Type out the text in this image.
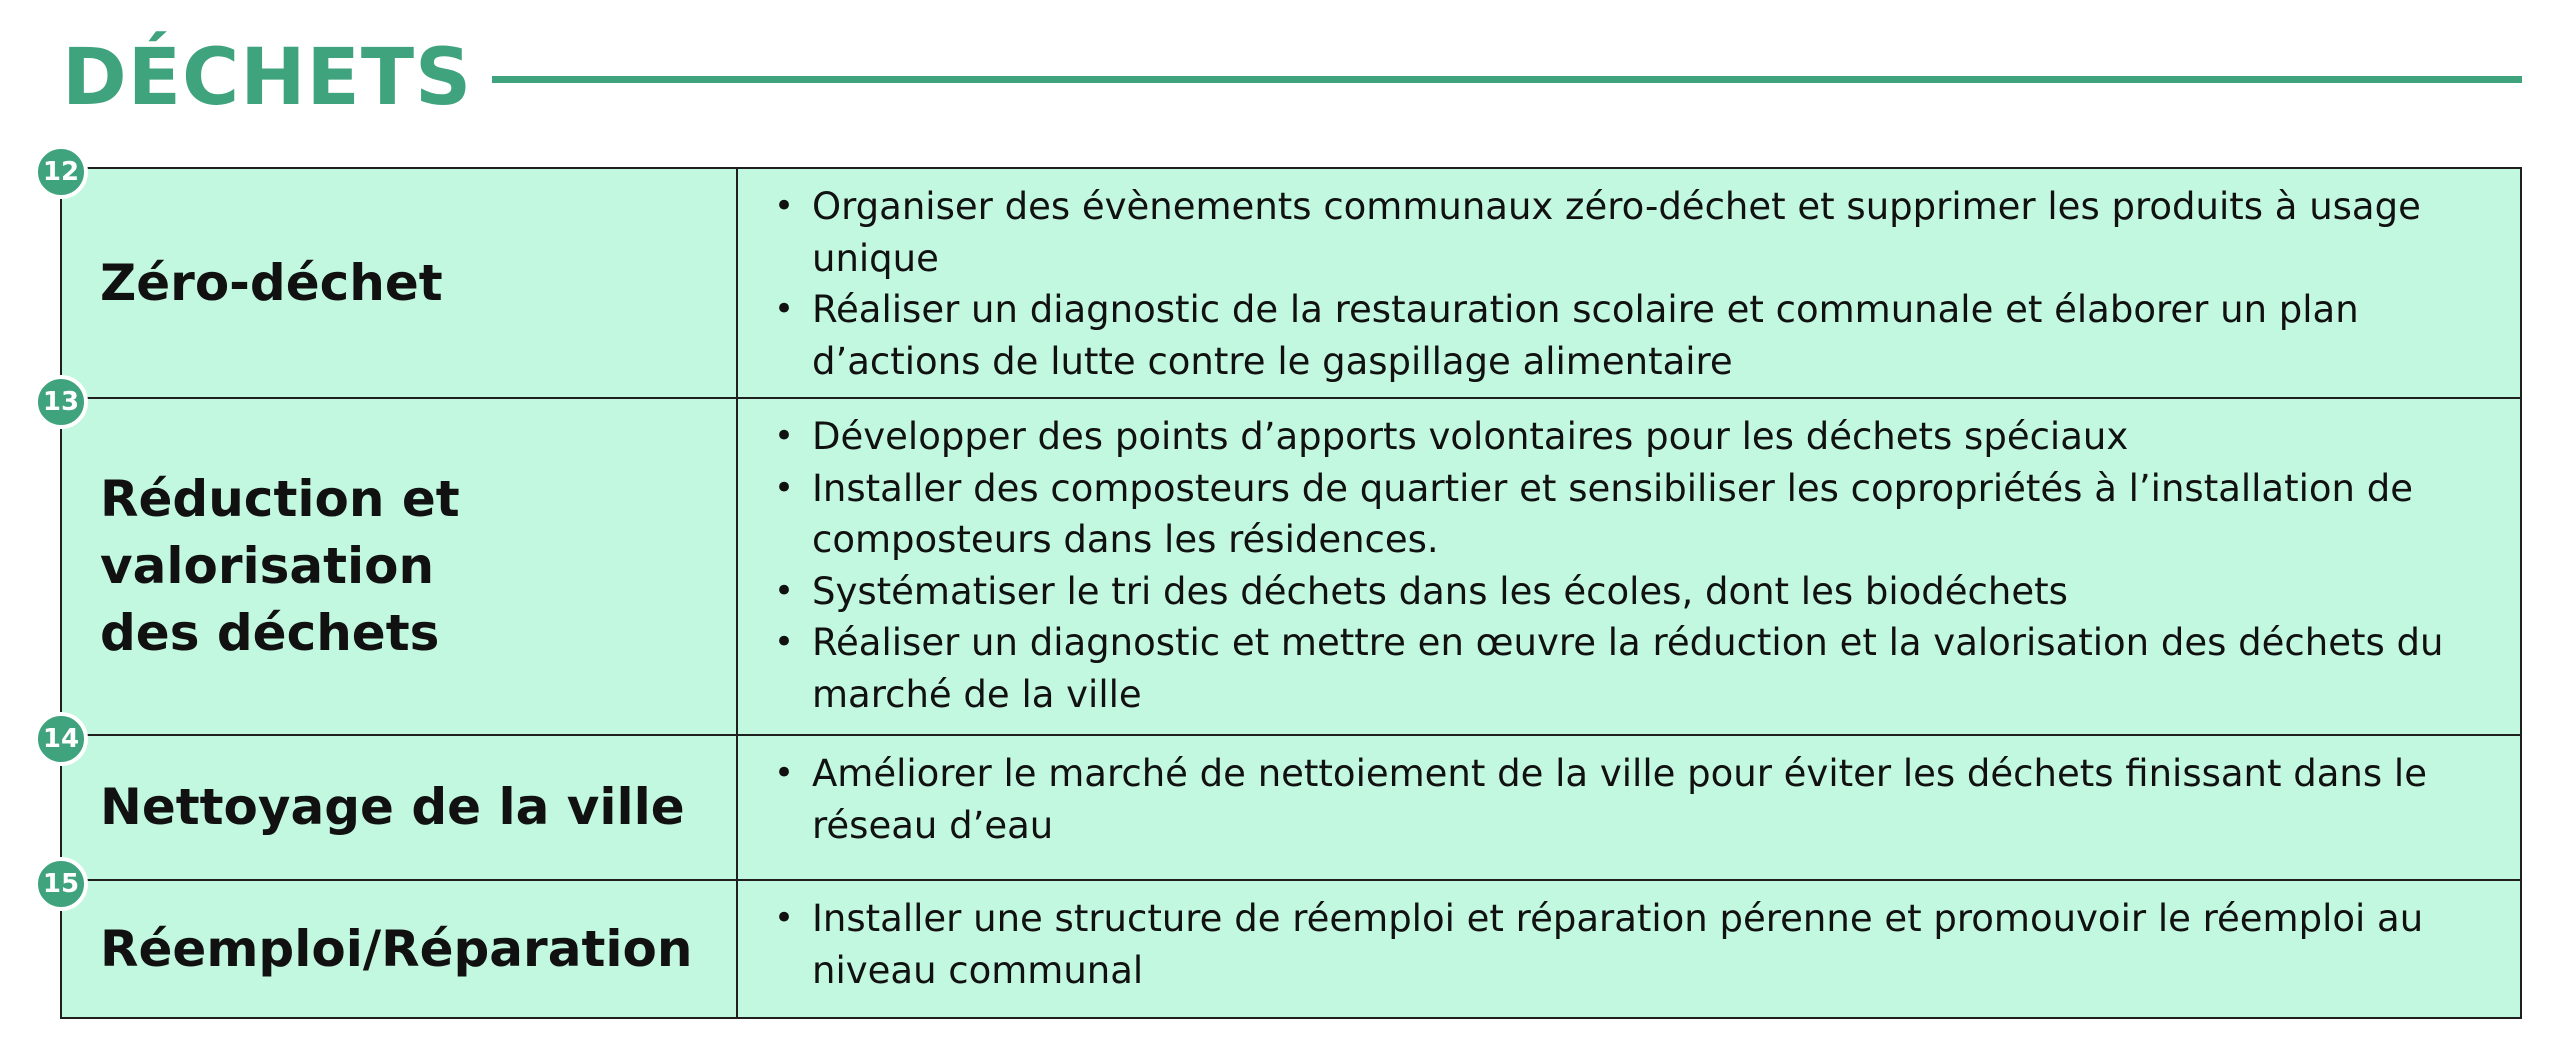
DÉCHETS
12
Zéro-déchet
• Organiser des évènements communaux zéro-déchet et supprimer les produits à usage unique
• Réaliser un diagnostic de la restauration scolaire et communale et élaborer un plan d’actions de lutte contre le gaspillage alimentaire
13
Réduction et valorisation des déchets
• Développer des points d’apports volontaires pour les déchets spéciaux
• Installer des composteurs de quartier et sensibiliser les copropriétés à l’installation de composteurs dans les résidences.
• Systématiser le tri des déchets dans les écoles, dont les biodéchets
• Réaliser un diagnostic et mettre en œuvre la réduction et la valorisation des déchets du marché de la ville
14
Nettoyage de la ville
• Améliorer le marché de nettoiement de la ville pour éviter les déchets finissant dans le réseau d’eau
15
Réemploi/Réparation
• Installer une structure de réemploi et réparation pérenne et promouvoir le réemploi au niveau communal
